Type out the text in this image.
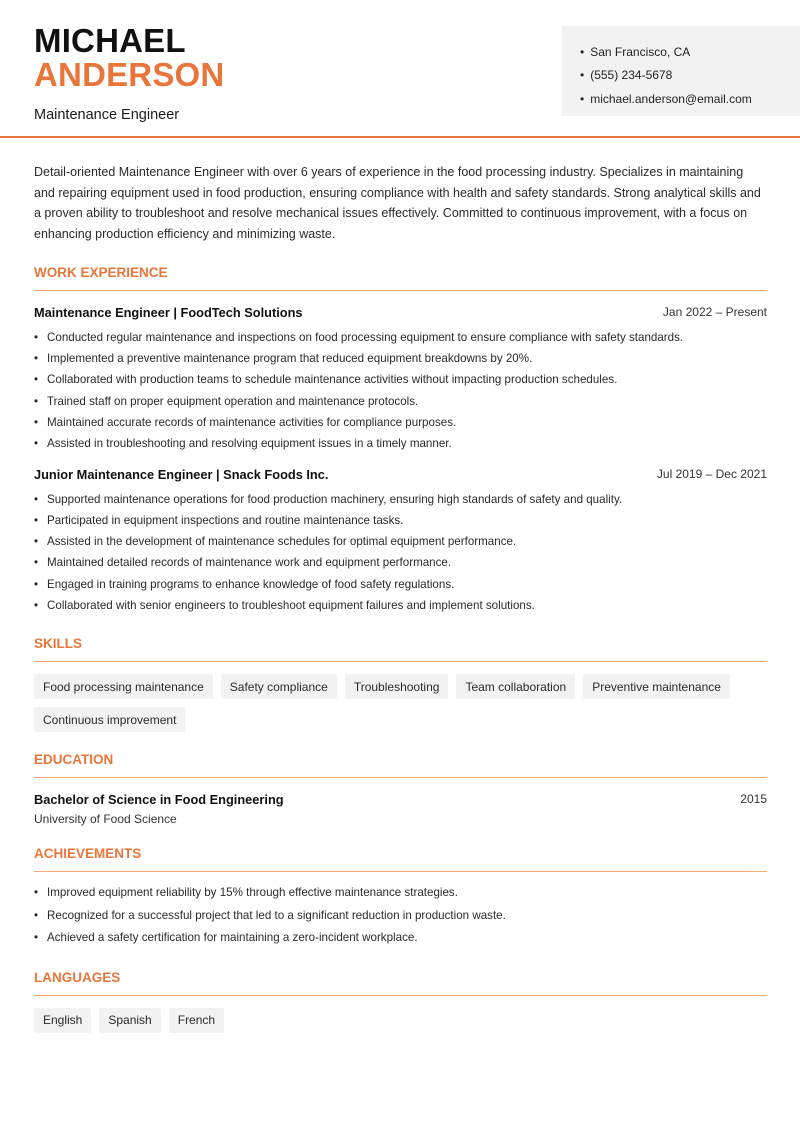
MICHAEL
ANDERSON
Maintenance Engineer
• San Francisco, CA
• (555) 234-5678
• michael.anderson@email.com

Detail-oriented Maintenance Engineer with over 6 years of experience in the food processing industry. Specializes in maintaining and repairing equipment used in food production, ensuring compliance with health and safety standards. Strong analytical skills and a proven ability to troubleshoot and resolve mechanical issues effectively. Committed to continuous improvement, with a focus on enhancing production efficiency and minimizing waste.

WORK EXPERIENCE
Maintenance Engineer | FoodTech Solutions	Jan 2022 – Present
• Conducted regular maintenance and inspections on food processing equipment to ensure compliance with safety standards.
• Implemented a preventive maintenance program that reduced equipment breakdowns by 20%.
• Collaborated with production teams to schedule maintenance activities without impacting production schedules.
• Trained staff on proper equipment operation and maintenance protocols.
• Maintained accurate records of maintenance activities for compliance purposes.
• Assisted in troubleshooting and resolving equipment issues in a timely manner.
Junior Maintenance Engineer | Snack Foods Inc.	Jul 2019 – Dec 2021
• Supported maintenance operations for food production machinery, ensuring high standards of safety and quality.
• Participated in equipment inspections and routine maintenance tasks.
• Assisted in the development of maintenance schedules for optimal equipment performance.
• Maintained detailed records of maintenance work and equipment performance.
• Engaged in training programs to enhance knowledge of food safety regulations.
• Collaborated with senior engineers to troubleshoot equipment failures and implement solutions.
SKILLS
Food processing maintenance	Safety compliance	Troubleshooting	Team collaboration	Preventive maintenance
Continuous improvement
EDUCATION
Bachelor of Science in Food Engineering	2015
University of Food Science
ACHIEVEMENTS
• Improved equipment reliability by 15% through effective maintenance strategies.
• Recognized for a successful project that led to a significant reduction in production waste.
• Achieved a safety certification for maintaining a zero-incident workplace.
LANGUAGES
English	Spanish	French
